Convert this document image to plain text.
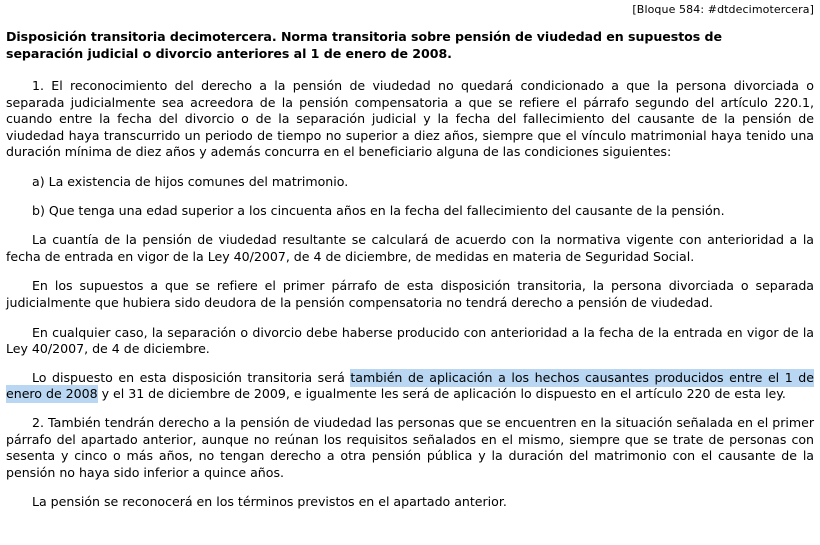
[Bloque 584: #dtdecimotercera]
Disposición transitoria decimotercera. Norma transitoria sobre pensión de viudedad en supuestos de separación judicial o divorcio anteriores al 1 de enero de 2008.

1. El reconocimiento del derecho a la pensión de viudedad no quedará condicionado a que la persona divorciada o separada judicialmente sea acreedora de la pensión compensatoria a que se refiere el párrafo segundo del artículo 220.1, cuando entre la fecha del divorcio o de la separación judicial y la fecha del fallecimiento del causante de la pensión de viudedad haya transcurrido un periodo de tiempo no superior a diez años, siempre que el vínculo matrimonial haya tenido una duración mínima de diez años y además concurra en el beneficiario alguna de las condiciones siguientes:

a) La existencia de hijos comunes del matrimonio.

b) Que tenga una edad superior a los cincuenta años en la fecha del fallecimiento del causante de la pensión.

La cuantía de la pensión de viudedad resultante se calculará de acuerdo con la normativa vigente con anterioridad a la fecha de entrada en vigor de la Ley 40/2007, de 4 de diciembre, de medidas en materia de Seguridad Social.

En los supuestos a que se refiere el primer párrafo de esta disposición transitoria, la persona divorciada o separada judicialmente que hubiera sido deudora de la pensión compensatoria no tendrá derecho a pensión de viudedad.

En cualquier caso, la separación o divorcio debe haberse producido con anterioridad a la fecha de la entrada en vigor de la Ley 40/2007, de 4 de diciembre.

Lo dispuesto en esta disposición transitoria será también de aplicación a los hechos causantes producidos entre el 1 de enero de 2008 y el 31 de diciembre de 2009, e igualmente les será de aplicación lo dispuesto en el artículo 220 de esta ley.

2. También tendrán derecho a la pensión de viudedad las personas que se encuentren en la situación señalada en el primer párrafo del apartado anterior, aunque no reúnan los requisitos señalados en el mismo, siempre que se trate de personas con sesenta y cinco o más años, no tengan derecho a otra pensión pública y la duración del matrimonio con el causante de la pensión no haya sido inferior a quince años.

La pensión se reconocerá en los términos previstos en el apartado anterior.
